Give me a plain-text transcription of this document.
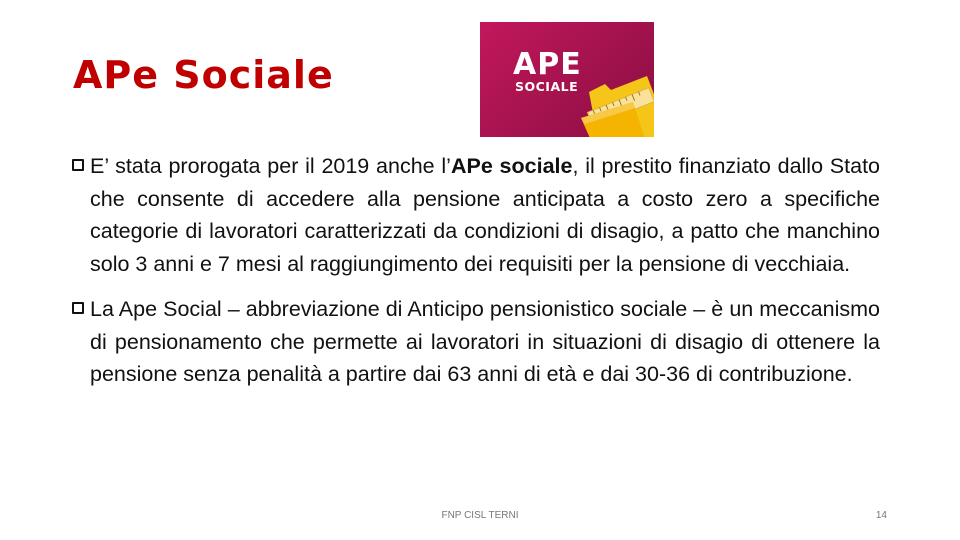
APe Sociale	APE
SOCIALE

E’ stata prorogata per il 2019 anche l’APe sociale, il prestito finanziato dallo Stato che consente di accedere alla pensione anticipata a costo zero a specifiche categorie di lavoratori caratterizzati da condizioni di disagio, a patto che manchino solo 3 anni e 7 mesi al raggiungimento dei requisiti per la pensione di vecchiaia.

La Ape Social – abbreviazione di Anticipo pensionistico sociale – è un meccanismo di pensionamento che permette ai lavoratori in situazioni di disagio di ottenere la pensione senza penalità a partire dai 63 anni di età e dai 30-36 di contribuzione.

FNP CISL TERNI	14
